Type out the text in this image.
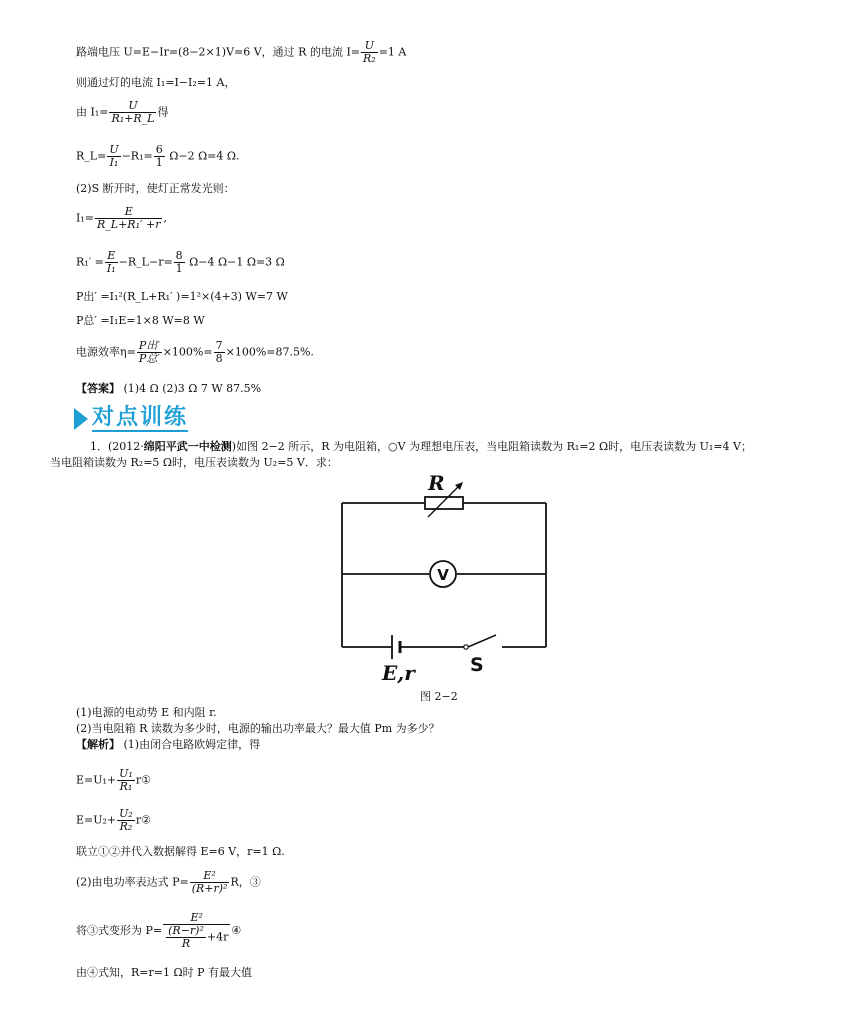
路端电压 U=E−Ir=(8−2×1)V=6 V，通过 R 的电流 $I= \frac{U}{\text{R₂}} =1$ A
则通过灯的电流 I₁=I−I₂=1 A，
由 $I_1= \frac{U}{\text{R₁+R\_L}}$ 得
R_L= $\frac{U}{\text{I₁}} -R_1= \frac{6}{1} \Omega-2$ Ω=4 Ω.
(2)S 断开时，使灯正常发光则：
$I_1= \frac{E}{\text{R\_L+R₁′ +r}}$ ,
$R_1' = \frac{E}{\text{I₁}}$ −R_L−r= $\frac{8}{1} \Omega-4$ Ω−1 Ω=3 Ω
P出′ =I₁²(R_L+R₁′ )=1²×(4+3) W=7 W
P总′ =I₁E=1×8 W=8 W
电源效率$\eta= \frac{\text{P出′}}{\text{P总′}} \times 100\%= \frac{7}{8} \times 100\%=87.5\%$.
【答案】 (1)4 Ω (2)3 Ω 7 W 87.5%
对点训练
1．(2012·绵阳平武一中检测)如图 2−2 所示，R 为电阻箱，○V 为理想电压表，当电阻箱读数为 R₁=2 Ω时，电压表读数为 U₁=4 V；
当电阻箱读数为 R₂=5 Ω时，电压表读数为 U₂=5 V．求：
R
V
E,r	S
图 2−2
(1)电源的电动势 E 和内阻 r.
(2)当电阻箱 R 读数为多少时，电源的输出功率最大？最大值 Pm 为多少？
【解析】 (1)由闭合电路欧姆定律，得
$E=U_1+ \frac{\text{U₁}}{\text{R₁}}$ r①
$E=U_2+ \frac{\text{U₂}}{\text{R₂}}$ r②
联立①②并代入数据解得 E=6 V，r=1 Ω.
(2)由电功率表达式 $P= \frac{\text{E²}}{\text{(R+r)²}}$ R，③
将③式变形为 $P= \frac{\text{E²}}{\frac{\text{(R−r)²}}{R} +4r}$ ④
由④式知，R=r=1 Ω时 P 有最大值
